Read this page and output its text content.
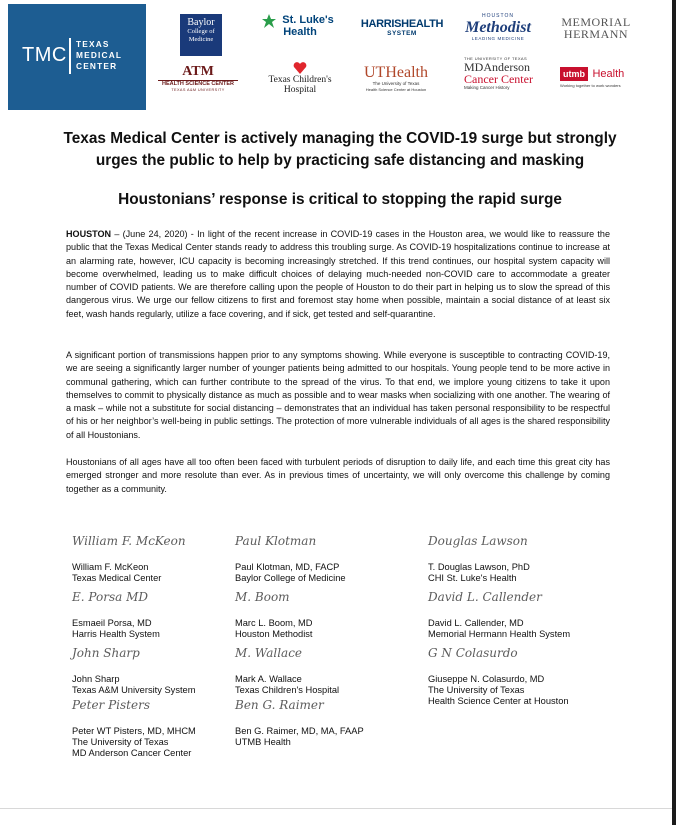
TMC TEXAS
MEDICAL
CENTER
Baylor
College of
Medicine
St. Luke's
Health
HARRISHEALTH
SYSTEM
HOUSTON
Methodist
LEADING MEDICINE
MEMORIAL
HERMANN
ATM
HEALTH SCIENCE CENTER
TEXAS A&M UNIVERSITY
Texas Children's
Hospital
UTHealth
The University of Texas
Health Science Center at Houston
THE UNIVERSITY OF TEXAS
MDAnderson
Cancer Center
Making Cancer History
utmb Health
Working together to work wonders
Texas Medical Center is actively managing the COVID-19 surge but strongly urges the public to help by practicing safe distancing and masking
Houstonians’ response is critical to stopping the rapid surge
HOUSTON – (June 24, 2020) - In light of the recent increase in COVID-19 cases in the Houston area, we would like to reassure the public that the Texas Medical Center stands ready to address this troubling surge. As COVID-19 hospitalizations continue to increase at an alarming rate, however, ICU capacity is becoming increasingly stretched. If this trend continues, our hospital system capacity will become overwhelmed, leading us to make difficult choices of delaying much-needed non-COVID care to accommodate a greater number of COVID patients. We are therefore calling upon the people of Houston to do their part in helping us to slow the spread of this dangerous virus. We urge our fellow citizens to first and foremost stay home when possible, maintain a social distance of at least six feet, wash hands regularly, utilize a face covering, and if sick, get tested and self-quarantine.
A significant portion of transmissions happen prior to any symptoms showing. While everyone is susceptible to contracting COVID-19, we are seeing a significantly larger number of younger patients being admitted to our hospitals. Young people tend to be more active in communal gathering, which can further contribute to the spread of the virus. To that end, we implore young citizens to take it upon themselves to commit to physically distance as much as possible and to wear masks when socializing with one another. The wearing of a mask – while not a substitute for social distancing – demonstrates that an individual has taken personal responsibility to be respectful of his or her neighbor’s well-being in public settings. The protection of more vulnerable individuals of all ages is the shared responsibility of all Houstonians.
Houstonians of all ages have all too often been faced with turbulent periods of disruption to daily life, and each time this great city has emerged stronger and more resolute than ever. As in previous times of uncertainty, we will only overcome this challenge by coming together as a community.
William F. McKeon
William F. McKeon
Texas Medical Center
Paul Klotman
Paul Klotman, MD, FACP
Baylor College of Medicine
Douglas Lawson
T. Douglas Lawson, PhD
CHI St. Luke's Health
E. Porsa MD
Esmaeil Porsa, MD
Harris Health System
M. Boom
Marc L. Boom, MD
Houston Methodist
David L. Callender
David L. Callender, MD
Memorial Hermann Health System
John Sharp
John Sharp
Texas A&M University System
M. Wallace
Mark A. Wallace
Texas Children's Hospital
G N Colasurdo
Giuseppe N. Colasurdo, MD
The University of Texas
Health Science Center at Houston
Peter Pisters
Peter WT Pisters, MD, MHCM
The University of Texas
MD Anderson Cancer Center
Ben G. Raimer
Ben G. Raimer, MD, MA, FAAP
UTMB Health
